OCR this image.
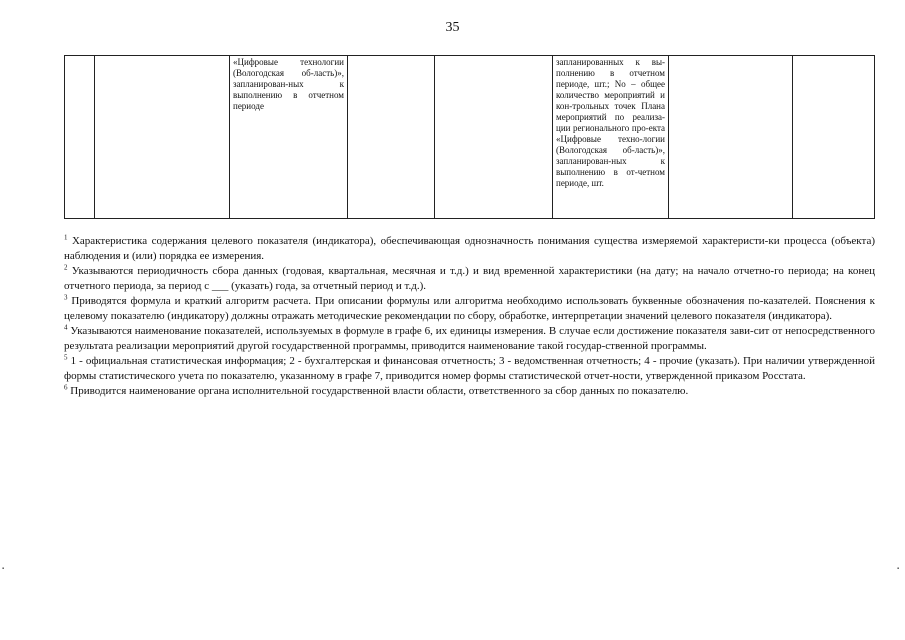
35
		«Цифровые технологии (Вологодская об-ласть)», запланирован-ных к выполнению в отчетном периоде			запланированных к вы-полнению в отчетном периоде, шт.; No – общее количество мероприятий и кон-трольных точек Плана мероприятий по реализа-ции регионального про-екта «Цифровые техно-логии (Вологодская об-ласть)», запланирован-ных к выполнению в от-четном периоде, шт.		

$^1$ Характеристика содержания целевого показателя (индикатора), обеспечивающая однозначность понимания существа измеряемой характеристи-ки процесса (объекта) наблюдения и (или) порядка ее измерения.

$^2$ Указываются периодичность сбора данных (годовая, квартальная, месячная и т.д.) и вид временной характеристики (на дату; на начало отчетно-го периода; на конец отчетного периода, за период с ___ (указать) года, за отчетный период и т.д.).

$^3$ Приводятся формула и краткий алгоритм расчета. При описании формулы или алгоритма необходимо использовать буквенные обозначения по-казателей. Пояснения к целевому показателю (индикатору) должны отражать методические рекомендации по сбору, обработке, интерпретации значений целевого показателя (индикатора).

$^4$ Указываются наименование показателей, используемых в формуле в графе 6, их единицы измерения. В случае если достижение показателя зави-сит от непосредственного результата реализации мероприятий другой государственной программы, приводится наименование такой государ-ственной программы.

$^5$ 1 - официальная статистическая информация; 2 - бухгалтерская и финансовая отчетность; 3 - ведомственная отчетность; 4 - прочие (указать). При наличии утвержденной формы статистического учета по показателю, указанному в графе 7, приводится номер формы статистической отчет-ности, утвержденной приказом Росстата.

$^6$ Приводится наименование органа исполнительной государственной власти области, ответственного за сбор данных по показателю.

▪	▪
